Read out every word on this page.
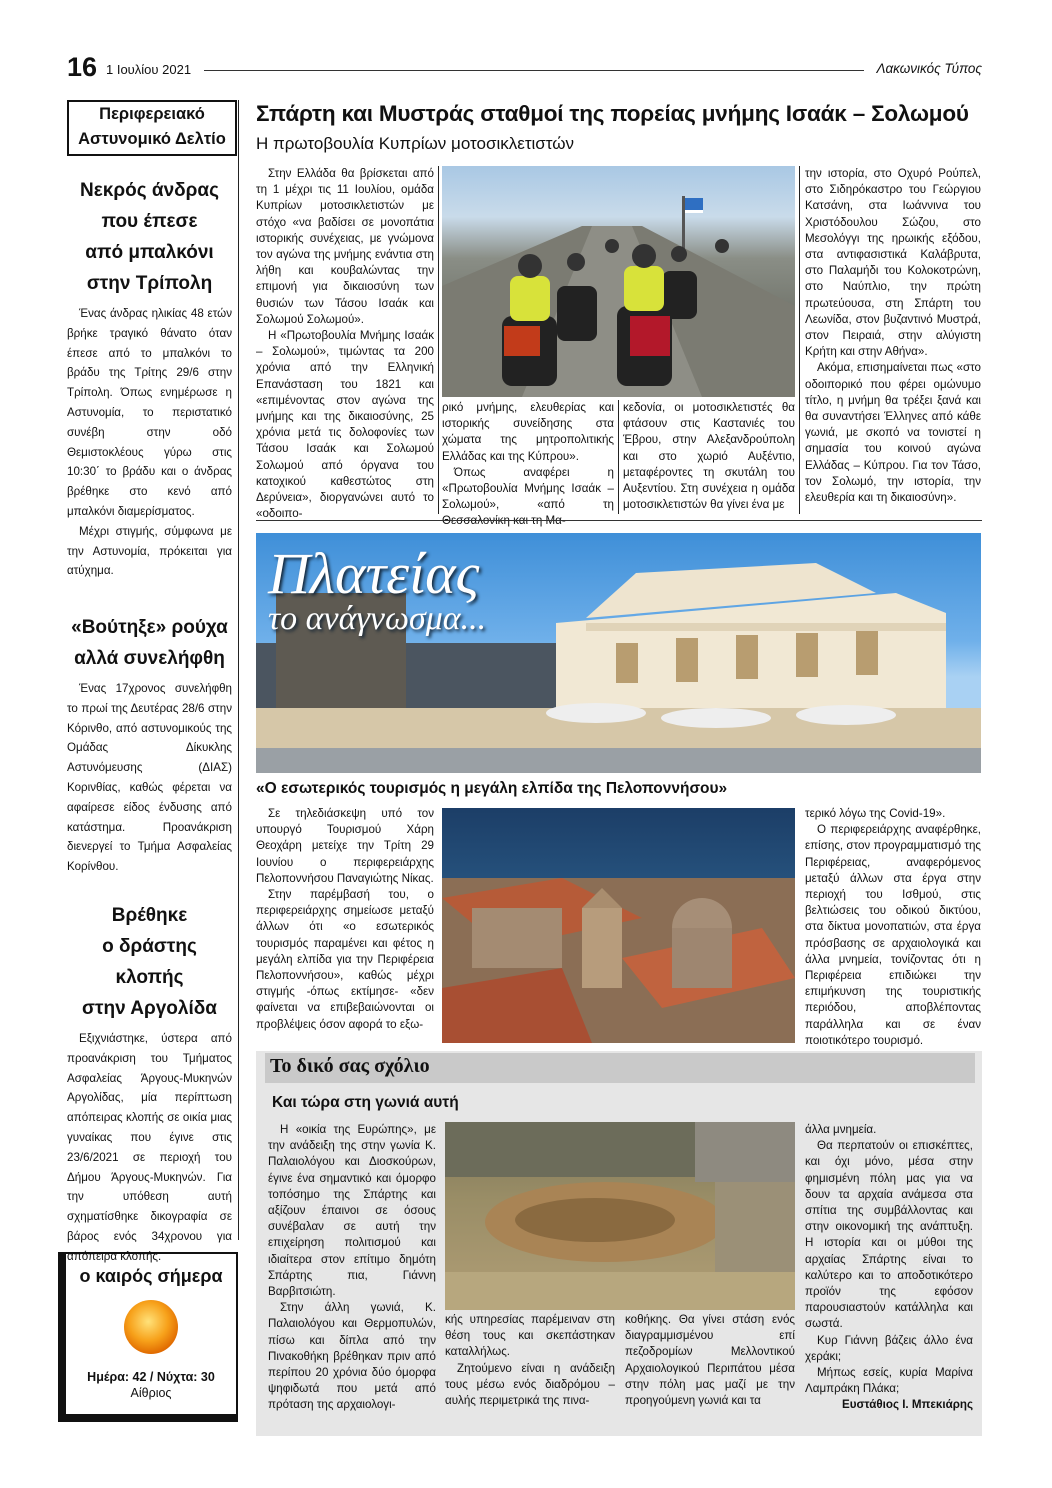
16 1 Ιουλίου 2021	Λακωνικός Τύπος
Περιφερειακό
Αστυνομικό Δελτίο
Νεκρός άνδρας
που έπεσε
από μπαλκόνι
στην Τρίπολη

Ένας άνδρας ηλικίας 48 ετών βρήκε τραγικό θάνατο όταν έπεσε από το μπαλκόνι το βράδυ της Τρίτης 29/6 στην Τρίπολη. Όπως ενημέρωσε η Αστυνομία, το περιστατικό συνέβη στην οδό Θεμιστοκλέους γύρω στις 10:30΄ το βράδυ και ο άνδρας βρέθηκε στο κενό από μπαλκόνι διαμερίσματος.

Μέχρι στιγμής, σύμφωνα με την Αστυνομία, πρόκειται για ατύχημα.

«Βούτηξε» ρούχα
αλλά συνελήφθη

Ένας 17χρονος συνελήφθη το πρωί της Δευτέρας 28/6 στην Κόρινθο, από αστυνομικούς της Ομάδας Δίκυκλης Αστυνόμευσης (ΔΙΑΣ) Κορινθίας, καθώς φέρεται να αφαίρεσε είδος ένδυσης από κατάστημα. Προανάκριση διενεργεί το Τμήμα Ασφαλείας Κορίνθου.

Βρέθηκε
ο δράστης κλοπής
στην Αργολίδα

Εξιχνιάστηκε, ύστερα από προανάκριση του Τμήματος Ασφαλείας Άργους-Μυκηνών Αργολίδας, μία περίπτωση απόπειρας κλοπής σε οικία μιας γυναίκας που έγινε στις 23/6/2021 σε περιοχή του Δήμου Άργους-Μυκηνών. Για την υπόθεση αυτή σχηματίσθηκε δικογραφία σε βάρος ενός 34χρονου για απόπειρα κλοπής.

ο καιρός σήμερα
Ημέρα: 42 / Νύχτα: 30
Αίθριος
Σπάρτη και Μυστράς σταθμοί της πορείας μνήμης Ισαάκ – Σολωμού
Η πρωτοβουλία Κυπρίων μοτοσικλετιστών

Στην Ελλάδα θα βρίσκεται από τη 1 μέχρι τις 11 Ιουλίου, ομάδα Κυπρίων μοτοσικλετιστών με στόχο «να βαδίσει σε μονοπάτια ιστορικής συνέχειας, με γνώμονα τον αγώνα της μνήμης ενάντια στη λήθη και κουβαλώντας την επιμονή για δικαιοσύνη των θυσιών των Τάσου Ισαάκ και Σολωμού Σολωμού».

Η «Πρωτοβουλία Μνήμης Ισαάκ – Σολωμού», τιμώντας τα 200 χρόνια από την Ελληνική Επανάσταση του 1821 και «επιμένοντας στον αγώνα της μνήμης και της δικαιοσύνης, 25 χρόνια μετά τις δολοφονίες των Τάσου Ισαάκ και Σολωμού Σολωμού από όργανα του κατοχικού καθεστώτος στη Δερύνεια», διοργανώνει αυτό το «οδοιπο-

ρικό μνήμης, ελευθερίας και ιστορικής συνείδησης στα χώματα της μητροπολιτικής Ελλάδας και της Κύπρου».

Όπως αναφέρει η «Πρωτοβουλία Μνήμης Ισαάκ – Σολωμού», «από τη

κεδονία, οι μοτοσικλετιστές θα φτάσουν στις Καστανιές του Έβρου, στην Αλεξανδρούπολη και στο χωριό Αυξέντιο, μεταφέροντες τη σκυτάλη του Αυξεντίου. Στη συνέχεια η ομάδα μοτοσικλετιστών θα γίνει ένα με

την ιστορία, στο Οχυρό Ρούπελ, στο Σιδηρόκαστρο του Γεώργιου Κατσάνη, στα Ιωάννινα του Χριστόδουλου Σώζου, στο Μεσολόγγι της ηρωικής εξόδου, στα αντιφασιστικά Καλάβρυτα, στο Παλαμήδι του Κολοκοτρώνη, στο Ναύπλιο, την πρώτη πρωτεύουσα, στη Σπάρτη του Λεωνίδα, στον βυζαντινό Μυστρά, στον Πειραιά, στην αλύγιστη Κρήτη και στην Αθήνα».

Ακόμα, επισημαίνεται πως «στο οδοιπορικό που φέρει ομώνυμο τίτλο, η μνήμη θα τρέξει ξανά και θα συναντήσει Έλληνες από κάθε γωνιά, με σκοπό να τονιστεί η σημασία του κοινού αγώνα Ελλάδας – Κύπρου. Για τον Τάσο, τον Σολωμό, την ιστορία, την ελευθερία και τη δικαιοσύνη».

Πλατείας
το ανάγνωσμα...
«Ο εσωτερικός τουρισμός η μεγάλη ελπίδα της Πελοποννήσου»

Σε τηλεδιάσκεψη υπό τον υπουργό Τουρισμού Χάρη Θεοχάρη μετείχε την Τρίτη 29 Ιουνίου ο περιφερειάρχης Πελοποννήσου Παναγιώτης Νίκας.

Στην παρέμβασή του, ο περιφερειάρχης σημείωσε μεταξύ άλλων ότι «ο εσωτερικός τουρισμός παραμένει και φέτος η μεγάλη ελπίδα για την Περιφέρεια Πελοποννήσου», καθώς μέχρι στιγμής -όπως εκτίμησε- «δεν φαίνεται να επιβεβαιώνονται οι προβλέψεις όσον αφορά το εξω-

τερικό λόγω της Covid-19».

Ο περιφερειάρχης αναφέρθηκε, επίσης, στον προγραμματισμό της Περιφέρειας, αναφερόμενος μεταξύ άλλων στα έργα στην περιοχή του Ισθμού, στις βελτιώσεις του οδικού δικτύου, στα δίκτυα μονοπατιών, στα έργα πρόσβασης σε αρχαιολογικά και άλλα μνημεία, τονίζοντας ότι η Περιφέρεια επιδιώκει την επιμήκυνση της τουριστικής περιόδου, αποβλέποντας παράλληλα και σε έναν ποιοτικότερο τουρισμό.

Το δικό σας σχόλιο
Και τώρα στη γωνιά αυτή

Η «οικία της Ευρώπης», με την ανάδειξη της στην γωνία Κ. Παλαιολόγου και Διοσκούρων, έγινε ένα σημαντικό και όμορφο τοπόσημο της Σπάρτης και αξίζουν έπαινοι σε όσους συνέβαλαν σε αυτή την επιχείρηση πολιτισμού και ιδιαίτερα στον επίτιμο δημότη Σπάρτης πια, Γιάννη Βαρβιτσιώτη.

Στην άλλη γωνιά, Κ. Παλαιολόγου και Θερμοπυλών, πίσω και δίπλα από την Πινακοθήκη βρέθηκαν πριν από περίπου 20 χρόνια δύο όμορφα ψηφιδωτά που μετά από πρόταση της αρχαιολογι-

κής υπηρεσίας παρέμειναν στη θέση τους και σκεπάστηκαν καταλλήλως.

Ζητούμενο είναι η ανάδειξη τους μέσω ενός διαδρόμου – αυλής περιμετρικά της πινα-

κοθήκης. Θα γίνει στάση ενός διαγραμμισμένου επί πεζοδρομίων Μελλοντικού Αρχαιολογικού Περιπάτου μέσα στην πόλη μας μαζί με την προηγούμενη γωνιά και τα

άλλα μνημεία.

Θα περπατούν οι επισκέπτες, και όχι μόνο, μέσα στην φημισμένη πόλη μας για να δουν τα αρχαία ανάμεσα στα σπίτια της συμβάλλοντας και στην οικονομική της ανάπτυξη. Η ιστορία και οι μύθοι της αρχαίας Σπάρτης είναι το καλύτερο και το αποδοτικότερο προϊόν της εφόσον παρουσιαστούν κατάλληλα και σωστά.

Κυρ Γιάννη βάζεις άλλο ένα χεράκι;

Μήπως εσείς, κυρία Μαρίνα Λαμπράκη Πλάκα;

Ευστάθιος Ι. Μπεκιάρης
